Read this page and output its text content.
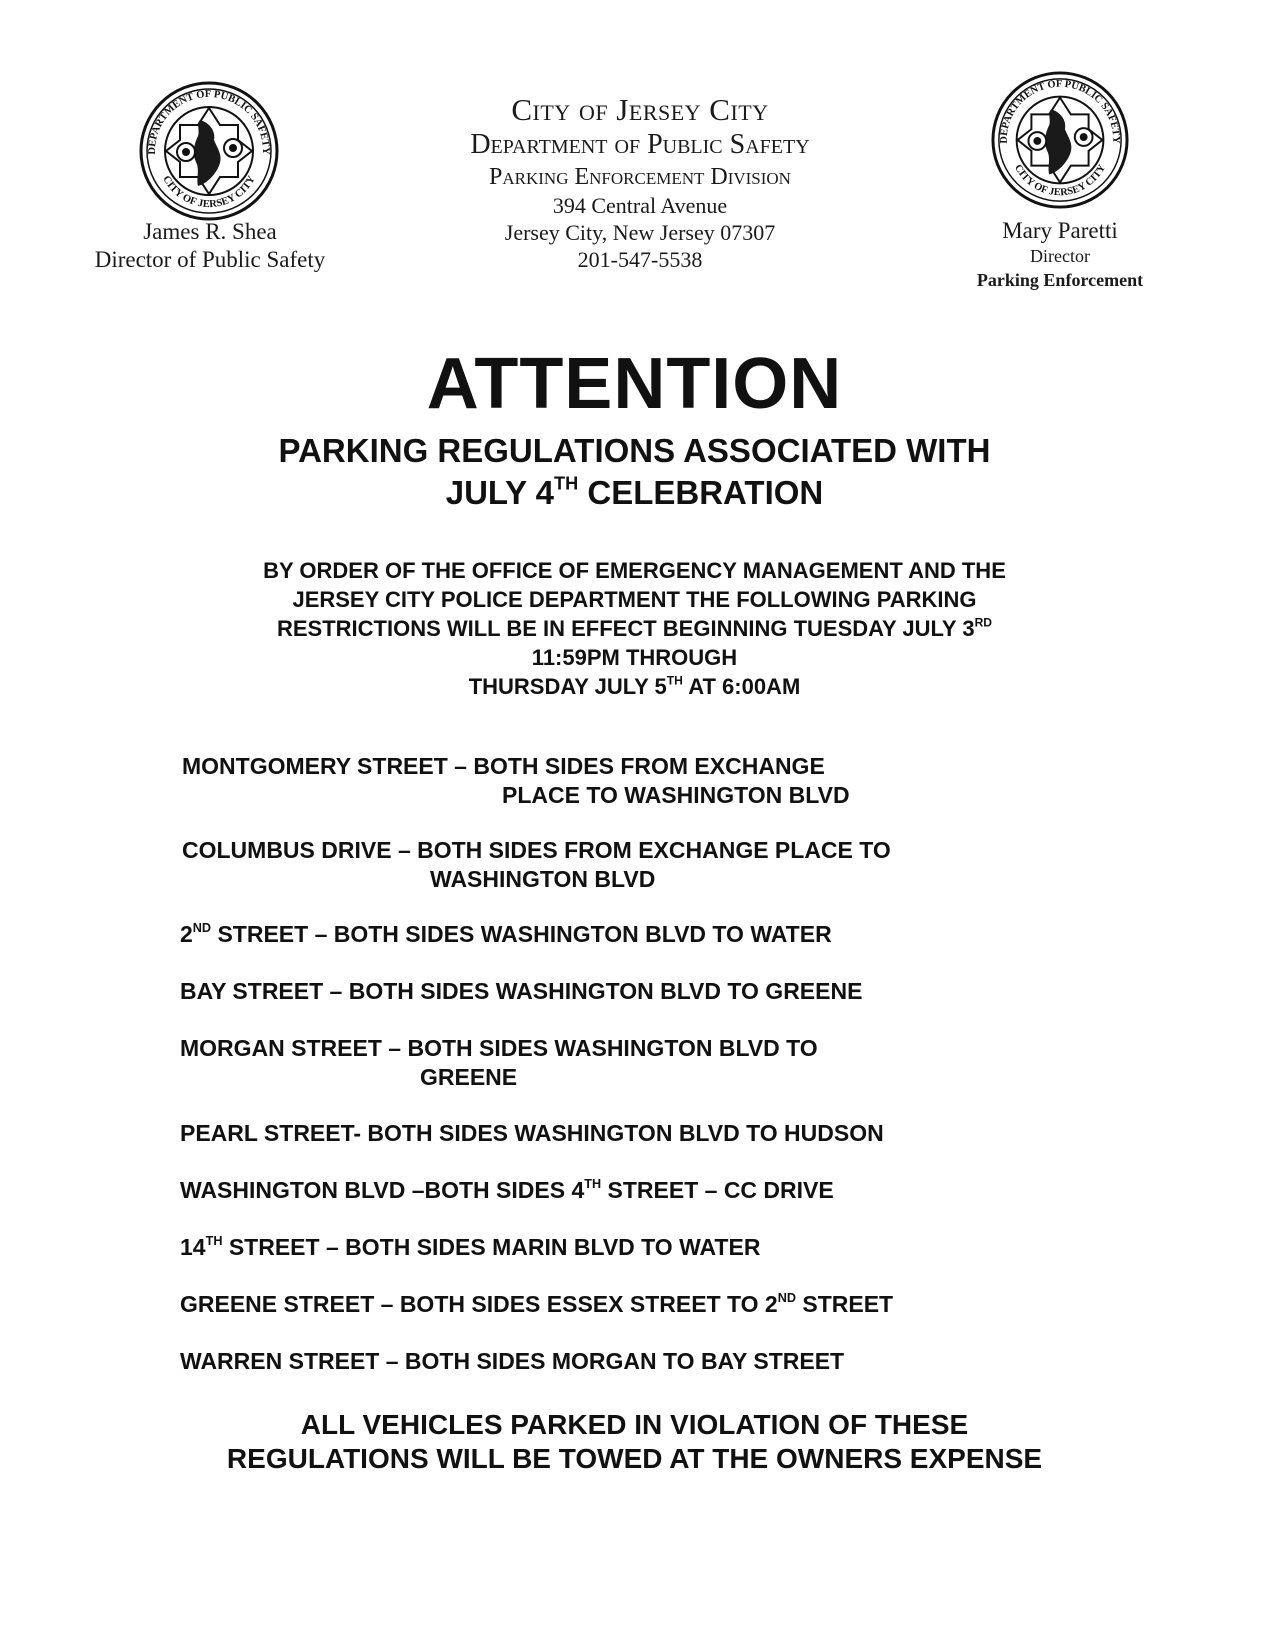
DEPARTMENT OF PUBLIC SAFETY
CITY OF JERSEY CITY
DEPARTMENT OF PUBLIC SAFETY
CITY OF JERSEY CITY
James R. Shea
Director of Public Safety
Mary Paretti
Director
Parking Enforcement
City of Jersey City
Department of Public Safety
Parking Enforcement Division
394 Central Avenue
Jersey City, New Jersey 07307
201-547-5538
ATTENTION
PARKING REGULATIONS ASSOCIATED WITH
JULY 4TH CELEBRATION
BY ORDER OF THE OFFICE OF EMERGENCY MANAGEMENT AND THE
JERSEY CITY POLICE DEPARTMENT THE FOLLOWING PARKING
RESTRICTIONS WILL BE IN EFFECT BEGINNING TUESDAY JULY 3RD
11:59PM THROUGH
THURSDAY JULY 5TH AT 6:00AM
MONTGOMERY STREET – BOTH SIDES FROM EXCHANGE
PLACE TO WASHINGTON BLVD
COLUMBUS DRIVE – BOTH SIDES FROM EXCHANGE PLACE TO
WASHINGTON BLVD
2ND STREET – BOTH SIDES WASHINGTON BLVD TO WATER
BAY STREET – BOTH SIDES WASHINGTON BLVD TO GREENE
MORGAN STREET – BOTH SIDES WASHINGTON BLVD TO
GREENE
PEARL STREET- BOTH SIDES WASHINGTON BLVD TO HUDSON
WASHINGTON BLVD –BOTH SIDES 4TH STREET – CC DRIVE
14TH STREET – BOTH SIDES MARIN BLVD TO WATER
GREENE STREET – BOTH SIDES ESSEX STREET TO 2ND STREET
WARREN STREET – BOTH SIDES MORGAN TO BAY STREET
ALL VEHICLES PARKED IN VIOLATION OF THESE
REGULATIONS WILL BE TOWED AT THE OWNERS EXPENSE
